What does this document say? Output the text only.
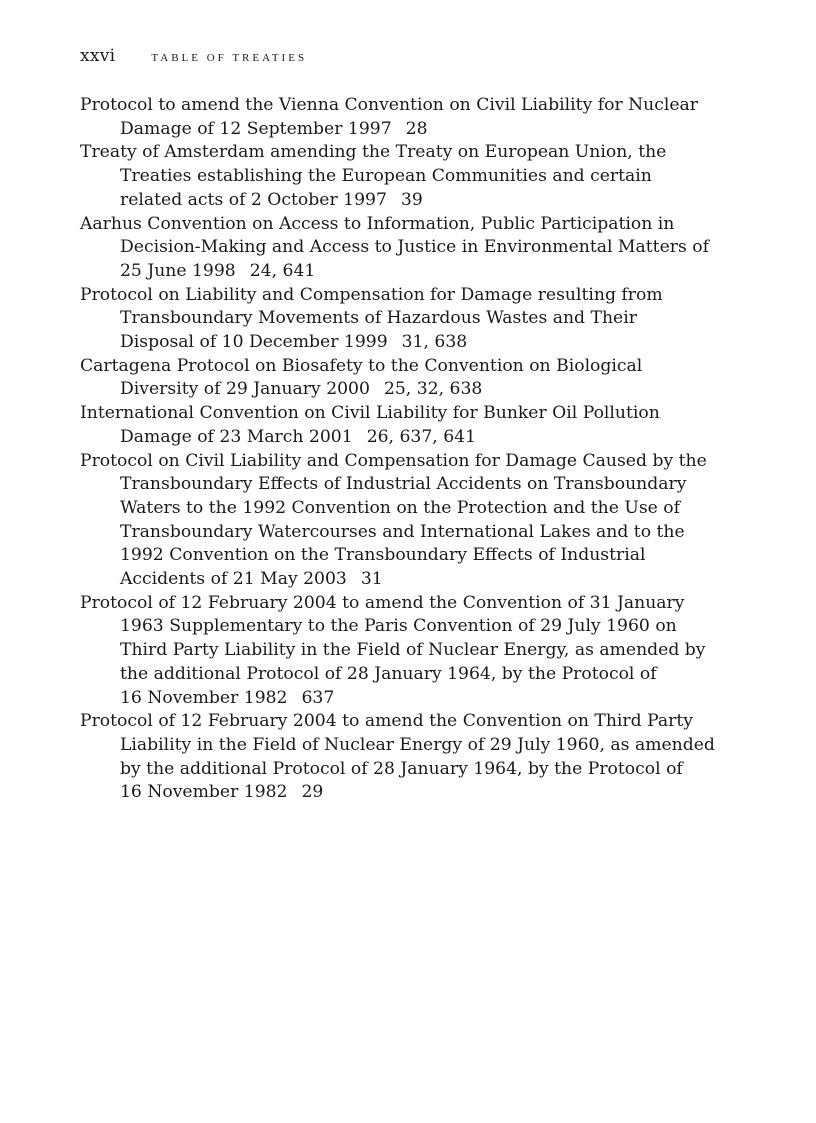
xxvi	TABLE OF TREATIES
Protocol to amend the Vienna Convention on Civil Liability for Nuclear
Damage of 12 September 1997 28
Treaty of Amsterdam amending the Treaty on European Union, the
Treaties establishing the European Communities and certain
related acts of 2 October 1997 39
Aarhus Convention on Access to Information, Public Participation in
Decision-Making and Access to Justice in Environmental Matters of
25 June 1998 24, 641
Protocol on Liability and Compensation for Damage resulting from
Transboundary Movements of Hazardous Wastes and Their
Disposal of 10 December 1999 31, 638
Cartagena Protocol on Biosafety to the Convention on Biological
Diversity of 29 January 2000 25, 32, 638
International Convention on Civil Liability for Bunker Oil Pollution
Damage of 23 March 2001 26, 637, 641
Protocol on Civil Liability and Compensation for Damage Caused by the
Transboundary Effects of Industrial Accidents on Transboundary
Waters to the 1992 Convention on the Protection and the Use of
Transboundary Watercourses and International Lakes and to the
1992 Convention on the Transboundary Effects of Industrial
Accidents of 21 May 2003 31
Protocol of 12 February 2004 to amend the Convention of 31 January
1963 Supplementary to the Paris Convention of 29 July 1960 on
Third Party Liability in the Field of Nuclear Energy, as amended by
the additional Protocol of 28 January 1964, by the Protocol of
16 November 1982 637
Protocol of 12 February 2004 to amend the Convention on Third Party
Liability in the Field of Nuclear Energy of 29 July 1960, as amended
by the additional Protocol of 28 January 1964, by the Protocol of
16 November 1982 29
